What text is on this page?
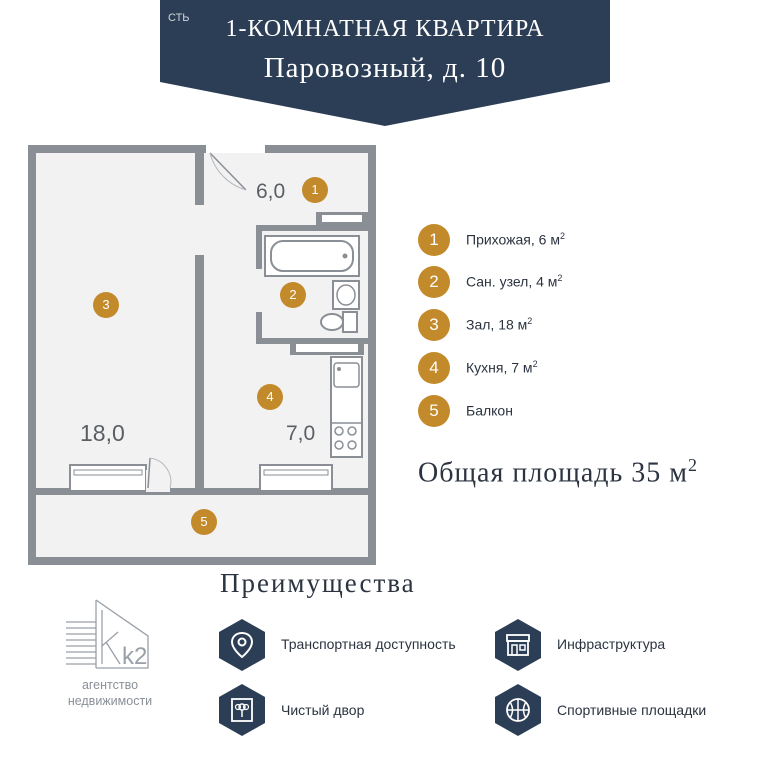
СТЬ	1-КОМНАТНАЯ КВАРТИРА
Паровозный, д. 10
6,0
18,0	7,0
1
2
3
4
5
1	Прихожая, 6 $м^2$
2	Сан. узел, 4 $м^2$
3	Зал, 18 $м^2$
4	Кухня, 7 $м^2$
5	Балкон
Общая площадь 35 $м^2$
k2
агентство
недвижимости
Преимущества
Транспортная доступность	Инфраструктура
Чистый двор	Спортивные площадки
